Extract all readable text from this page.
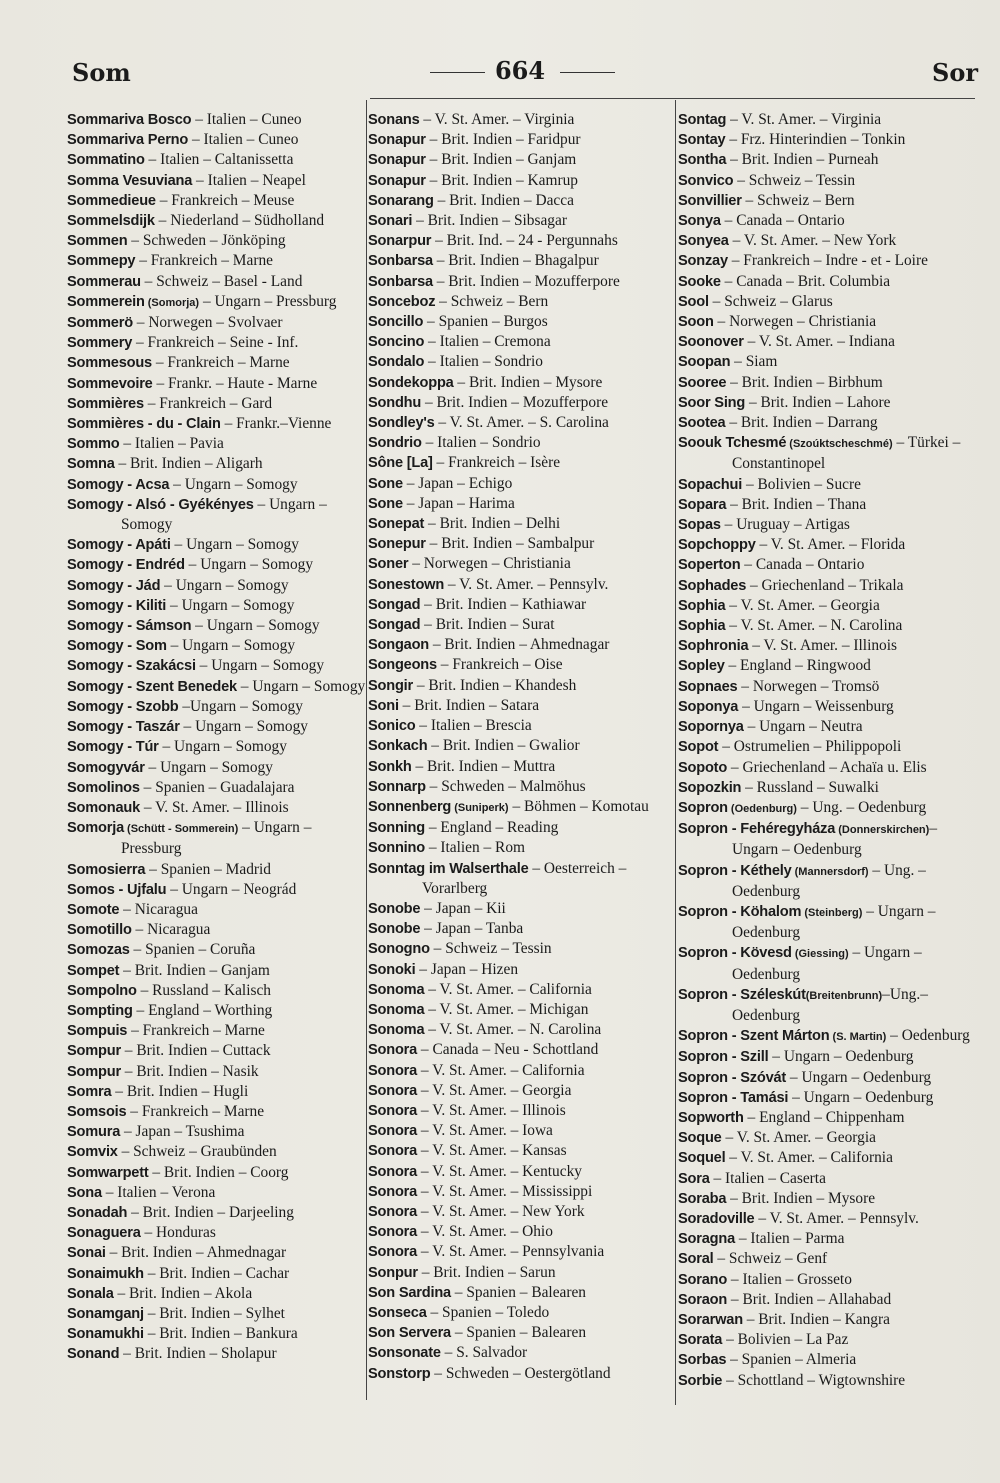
Som	664	Sor
Sommariva Bosco – Italien – Cuneo
Sommariva Perno – Italien – Cuneo
Sommatino – Italien – Caltanissetta
Somma Vesuviana – Italien – Neapel
Sommedieue – Frankreich – Meuse
Sommelsdijk – Niederland – Südholland
Sommen – Schweden – Jönköping
Sommepy – Frankreich – Marne
Sommerau – Schweiz – Basel - Land
Sommerein (Somorja) – Ungarn – Pressburg
Sommerö – Norwegen – Svolvaer
Sommery – Frankreich – Seine - Inf.
Sommesous – Frankreich – Marne
Sommevoire – Frankr. – Haute - Marne
Sommières – Frankreich – Gard
Sommières - du - Clain – Frankr.–Vienne
Sommo – Italien – Pavia
Somna – Brit. Indien – Aligarh
Somogy - Acsa – Ungarn – Somogy
Somogy - Alsó - Gyékényes – Ungarn – Somogy
Somogy - Apáti – Ungarn – Somogy
Somogy - Endréd – Ungarn – Somogy
Somogy - Jád – Ungarn – Somogy
Somogy - Kiliti – Ungarn – Somogy
Somogy - Sámson – Ungarn – Somogy
Somogy - Som – Ungarn – Somogy
Somogy - Szakácsi – Ungarn – Somogy
Somogy - Szent Benedek – Ungarn – Somogy
Somogy - Szobb –Ungarn – Somogy
Somogy - Taszár – Ungarn – Somogy
Somogy - Túr – Ungarn – Somogy
Somogyvár – Ungarn – Somogy
Somolinos – Spanien – Guadalajara
Somonauk – V. St. Amer. – Illinois
Somorja (Schütt - Sommerein) – Ungarn – Pressburg
Somosierra – Spanien – Madrid
Somos - Ujfalu – Ungarn – Neográd
Somote – Nicaragua
Somotillo – Nicaragua
Somozas – Spanien – Coruña
Sompet – Brit. Indien – Ganjam
Sompolno – Russland – Kalisch
Sompting – England – Worthing
Sompuis – Frankreich – Marne
Sompur – Brit. Indien – Cuttack
Sompur – Brit. Indien – Nasik
Somra – Brit. Indien – Hugli
Somsois – Frankreich – Marne
Somura – Japan – Tsushima
Somvix – Schweiz – Graubünden
Somwarpett – Brit. Indien – Coorg
Sona – Italien – Verona
Sonadah – Brit. Indien – Darjeeling
Sonaguera – Honduras
Sonai – Brit. Indien – Ahmednagar
Sonaimukh – Brit. Indien – Cachar
Sonala – Brit. Indien – Akola
Sonamganj – Brit. Indien – Sylhet
Sonamukhi – Brit. Indien – Bankura
Sonand – Brit. Indien – Sholapur
Sonans – V. St. Amer. – Virginia
Sonapur – Brit. Indien – Faridpur
Sonapur – Brit. Indien – Ganjam
Sonapur – Brit. Indien – Kamrup
Sonarang – Brit. Indien – Dacca
Sonari – Brit. Indien – Sibsagar
Sonarpur – Brit. Ind. – 24 - Pergunnahs
Sonbarsa – Brit. Indien – Bhagalpur
Sonbarsa – Brit. Indien – Mozufferpore
Sonceboz – Schweiz – Bern
Soncillo – Spanien – Burgos
Soncino – Italien – Cremona
Sondalo – Italien – Sondrio
Sondekoppa – Brit. Indien – Mysore
Sondhu – Brit. Indien – Mozufferpore
Sondley's – V. St. Amer. – S. Carolina
Sondrio – Italien – Sondrio
Sône [La] – Frankreich – Isère
Sone – Japan – Echigo
Sone – Japan – Harima
Sonepat – Brit. Indien – Delhi
Sonepur – Brit. Indien – Sambalpur
Soner – Norwegen – Christiania
Sonestown – V. St. Amer. – Pennsylv.
Songad – Brit. Indien – Kathiawar
Songad – Brit. Indien – Surat
Songaon – Brit. Indien – Ahmednagar
Songeons – Frankreich – Oise
Songir – Brit. Indien – Khandesh
Soni – Brit. Indien – Satara
Sonico – Italien – Brescia
Sonkach – Brit. Indien – Gwalior
Sonkh – Brit. Indien – Muttra
Sonnarp – Schweden – Malmöhus
Sonnenberg (Suniperk) – Böhmen – Komotau
Sonning – England – Reading
Sonnino – Italien – Rom
Sonntag im Walserthale – Oesterreich – Vorarlberg
Sonobe – Japan – Kii
Sonobe – Japan – Tanba
Sonogno – Schweiz – Tessin
Sonoki – Japan – Hizen
Sonoma – V. St. Amer. – California
Sonoma – V. St. Amer. – Michigan
Sonoma – V. St. Amer. – N. Carolina
Sonora – Canada – Neu - Schottland
Sonora – V. St. Amer. – California
Sonora – V. St. Amer. – Georgia
Sonora – V. St. Amer. – Illinois
Sonora – V. St. Amer. – Iowa
Sonora – V. St. Amer. – Kansas
Sonora – V. St. Amer. – Kentucky
Sonora – V. St. Amer. – Mississippi
Sonora – V. St. Amer. – New York
Sonora – V. St. Amer. – Ohio
Sonora – V. St. Amer. – Pennsylvania
Sonpur – Brit. Indien – Sarun
Son Sardina – Spanien – Balearen
Sonseca – Spanien – Toledo
Son Servera – Spanien – Balearen
Sonsonate – S. Salvador
Sonstorp – Schweden – Oestergötland
Sontag – V. St. Amer. – Virginia
Sontay – Frz. Hinterindien – Tonkin
Sontha – Brit. Indien – Purneah
Sonvico – Schweiz – Tessin
Sonvillier – Schweiz – Bern
Sonya – Canada – Ontario
Sonyea – V. St. Amer. – New York
Sonzay – Frankreich – Indre - et - Loire
Sooke – Canada – Brit. Columbia
Sool – Schweiz – Glarus
Soon – Norwegen – Christiania
Soonover – V. St. Amer. – Indiana
Soopan – Siam
Sooree – Brit. Indien – Birbhum
Soor Sing – Brit. Indien – Lahore
Sootea – Brit. Indien – Darrang
Soouk Tchesmé (Szoúktscheschmé) – Türkei – Constantinopel
Sopachui – Bolivien – Sucre
Sopara – Brit. Indien – Thana
Sopas – Uruguay – Artigas
Sopchoppy – V. St. Amer. – Florida
Soperton – Canada – Ontario
Sophades – Griechenland – Trikala
Sophia – V. St. Amer. – Georgia
Sophia – V. St. Amer. – N. Carolina
Sophronia – V. St. Amer. – Illinois
Sopley – England – Ringwood
Sopnaes – Norwegen – Tromsö
Soponya – Ungarn – Weissenburg
Sopornya – Ungarn – Neutra
Sopot – Ostrumelien – Philippopoli
Sopoto – Griechenland – Achaïa u. Elis
Sopozkin – Russland – Suwalki
Sopron (Oedenburg) – Ung. – Oedenburg
Sopron - Fehéregyháza (Donnerskirchen)– Ungarn – Oedenburg
Sopron - Kéthely (Mannersdorf) – Ung. – Oedenburg
Sopron - Köhalom (Steinberg) – Ungarn – Oedenburg
Sopron - Kövesd (Giessing) – Ungarn – Oedenburg
Sopron - Széleskút(Breitenbrunn)–Ung.– Oedenburg
Sopron - Szent Márton (S. Martin) – Oedenburg
Sopron - Szill – Ungarn – Oedenburg
Sopron - Szóvát – Ungarn – Oedenburg
Sopron - Tamási – Ungarn – Oedenburg
Sopworth – England – Chippenham
Soque – V. St. Amer. – Georgia
Soquel – V. St. Amer. – California
Sora – Italien – Caserta
Soraba – Brit. Indien – Mysore
Soradoville – V. St. Amer. – Pennsylv.
Soragna – Italien – Parma
Soral – Schweiz – Genf
Sorano – Italien – Grosseto
Soraon – Brit. Indien – Allahabad
Sorarwan – Brit. Indien – Kangra
Sorata – Bolivien – La Paz
Sorbas – Spanien – Almeria
Sorbie – Schottland – Wigtownshire
